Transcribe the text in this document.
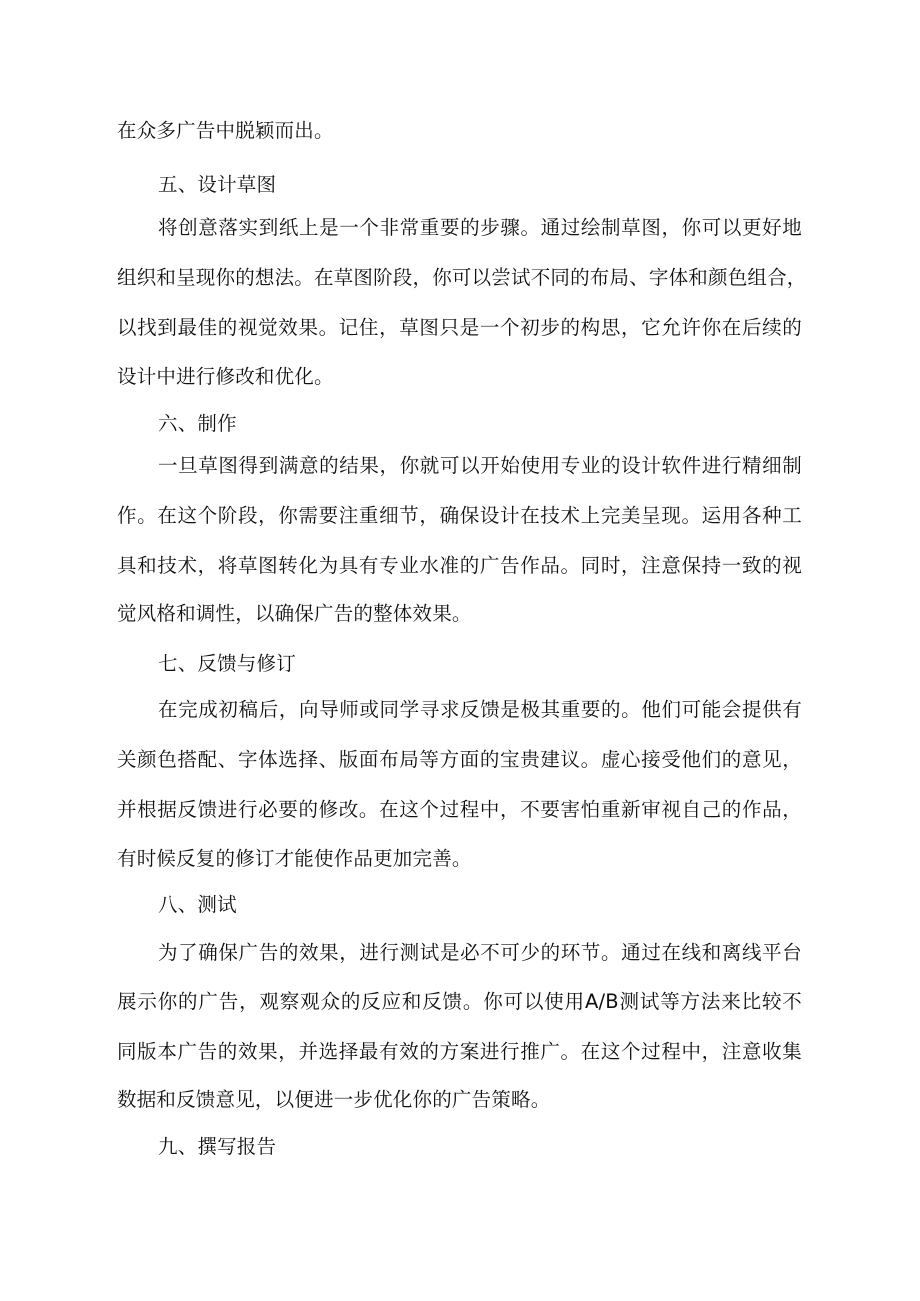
在众多广告中脱颖而出。
五、设计草图
将创意落实到纸上是一个非常重要的步骤。通过绘制草图，你可以更好地
组织和呈现你的想法。在草图阶段，你可以尝试不同的布局、字体和颜色组合，
以找到最佳的视觉效果。记住，草图只是一个初步的构思，它允许你在后续的
设计中进行修改和优化。
六、制作
一旦草图得到满意的结果，你就可以开始使用专业的设计软件进行精细制
作。在这个阶段，你需要注重细节，确保设计在技术上完美呈现。运用各种工
具和技术，将草图转化为具有专业水准的广告作品。同时，注意保持一致的视
觉风格和调性，以确保广告的整体效果。
七、反馈与修订
在完成初稿后，向导师或同学寻求反馈是极其重要的。他们可能会提供有
关颜色搭配、字体选择、版面布局等方面的宝贵建议。虚心接受他们的意见，
并根据反馈进行必要的修改。在这个过程中，不要害怕重新审视自己的作品，
有时候反复的修订才能使作品更加完善。
八、测试
为了确保广告的效果，进行测试是必不可少的环节。通过在线和离线平台
展示你的广告，观察观众的反应和反馈。你可以使用A/B测试等方法来比较不
同版本广告的效果，并选择最有效的方案进行推广。在这个过程中，注意收集
数据和反馈意见，以便进一步优化你的广告策略。
九、撰写报告
